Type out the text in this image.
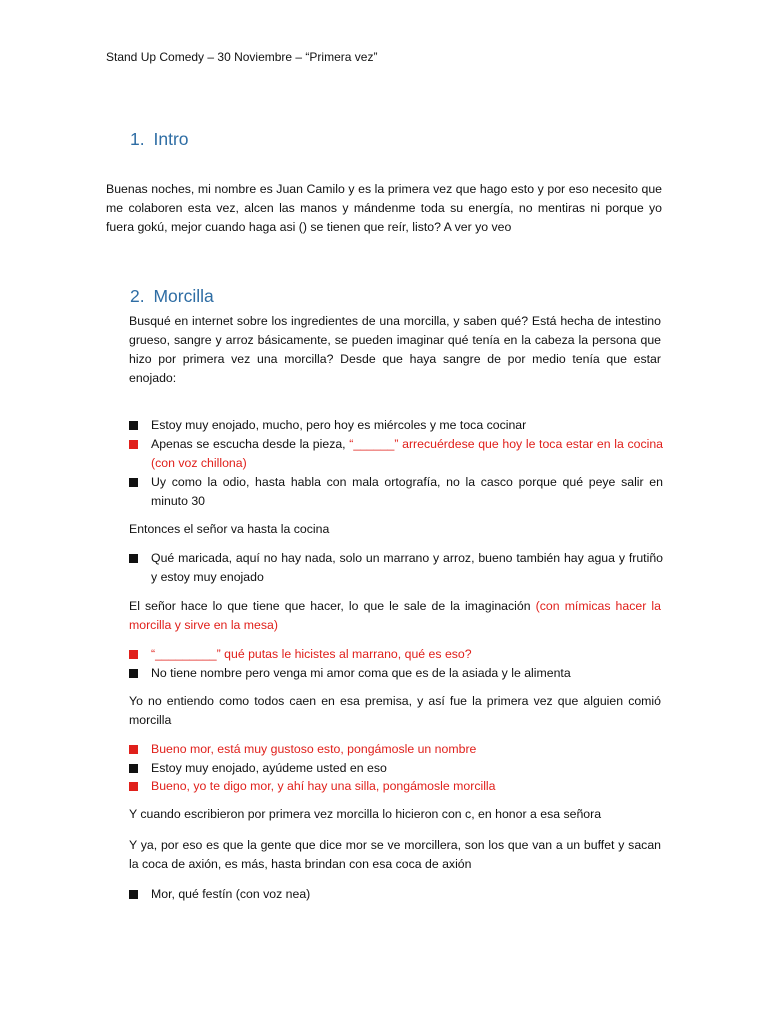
Stand Up Comedy – 30 Noviembre – “Primera vez”
1. Intro

Buenas noches, mi nombre es Juan Camilo y es la primera vez que hago esto y por eso necesito que me colaboren esta vez, alcen las manos y mándenme toda su energía, no mentiras ni porque yo fuera gokú, mejor cuando haga asi () se tienen que reír, listo? A ver yo veo

2. Morcilla

Busqué en internet sobre los ingredientes de una morcilla, y saben qué? Está hecha de intestino grueso, sangre y arroz básicamente, se pueden imaginar qué tenía en la cabeza la persona que hizo por primera vez una morcilla? Desde que haya sangre de por medio tenía que estar enojado:

Estoy muy enojado, mucho, pero hoy es miércoles y me toca cocinar
Apenas se escucha desde la pieza, “______” arrecuérdese que hoy le toca estar en la cocina (con voz chillona)
Uy como la odio, hasta habla con mala ortografía, no la casco porque qué peye salir en minuto 30

Entonces el señor va hasta la cocina

Qué maricada, aquí no hay nada, solo un marrano y arroz, bueno también hay agua y frutiño y estoy muy enojado

El señor hace lo que tiene que hacer, lo que le sale de la imaginación (con mímicas hacer la morcilla y sirve en la mesa)

“_________” qué putas le hicistes al marrano, qué es eso?
No tiene nombre pero venga mi amor coma que es de la asiada y le alimenta

Yo no entiendo como todos caen en esa premisa, y así fue la primera vez que alguien comió morcilla

Bueno mor, está muy gustoso esto, pongámosle un nombre
Estoy muy enojado, ayúdeme usted en eso
Bueno, yo te digo mor, y ahí hay una silla, pongámosle morcilla

Y cuando escribieron por primera vez morcilla lo hicieron con c, en honor a esa señora

Y ya, por eso es que la gente que dice mor se ve morcillera, son los que van a un buffet y sacan la coca de axión, es más, hasta brindan con esa coca de axión

Mor, qué festín (con voz nea)
